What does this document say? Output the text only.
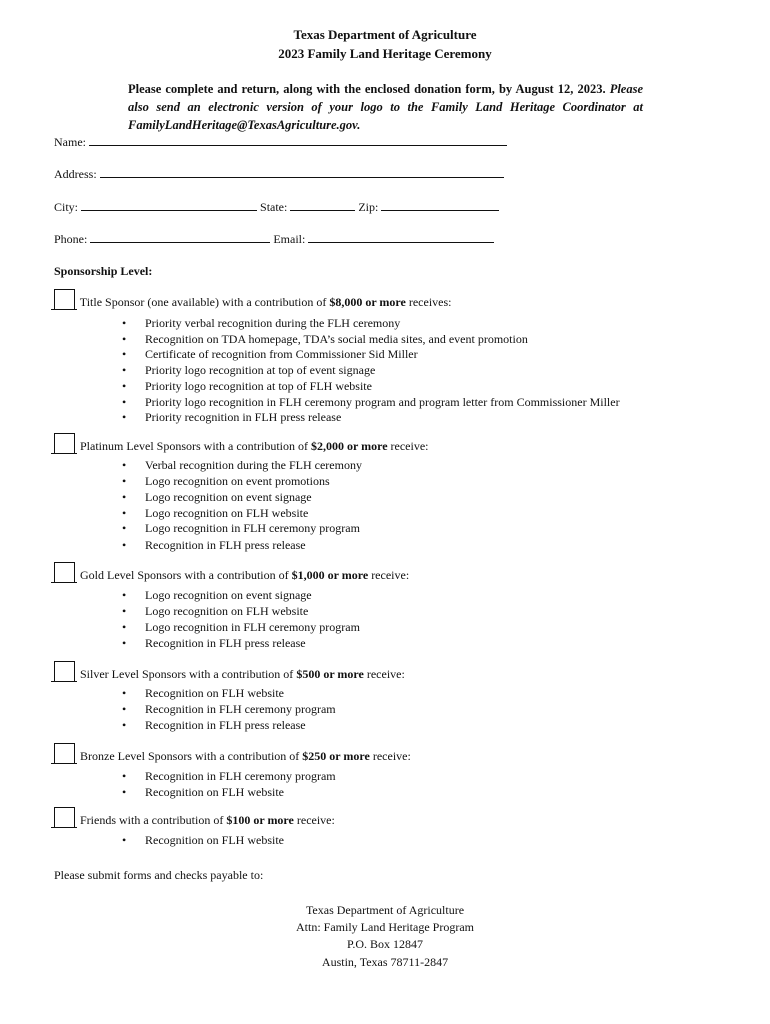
Texas Department of Agriculture
2023 Family Land Heritage Ceremony
Please complete and return, along with the enclosed donation form, by August 12, 2023. Please also send an electronic version of your logo to the Family Land Heritage Coordinator at FamilyLandHeritage@TexasAgriculture.gov.
Name:
Address:
City:	State:	Zip:
Phone:	Email:
Sponsorship Level:
Title Sponsor (one available) with a contribution of $8,000 or more receives:
• Priority verbal recognition during the FLH ceremony
• Recognition on TDA homepage, TDA’s social media sites, and event promotion
• Certificate of recognition from Commissioner Sid Miller
• Priority logo recognition at top of event signage
• Priority logo recognition at top of FLH website
• Priority logo recognition in FLH ceremony program and program letter from Commissioner Miller
• Priority recognition in FLH press release
Platinum Level Sponsors with a contribution of $2,000 or more receive:
• Verbal recognition during the FLH ceremony
• Logo recognition on event promotions
• Logo recognition on event signage
• Logo recognition on FLH website
• Logo recognition in FLH ceremony program
• Recognition in FLH press release
Gold Level Sponsors with a contribution of $1,000 or more receive:
• Logo recognition on event signage
• Logo recognition on FLH website
• Logo recognition in FLH ceremony program
• Recognition in FLH press release
Silver Level Sponsors with a contribution of $500 or more receive:
• Recognition on FLH website
• Recognition in FLH ceremony program
• Recognition in FLH press release
Bronze Level Sponsors with a contribution of $250 or more receive:
• Recognition in FLH ceremony program
• Recognition on FLH website
Friends with a contribution of $100 or more receive:
• Recognition on FLH website
Please submit forms and checks payable to:
Texas Department of Agriculture
Attn: Family Land Heritage Program
P.O. Box 12847
Austin, Texas 78711-2847
